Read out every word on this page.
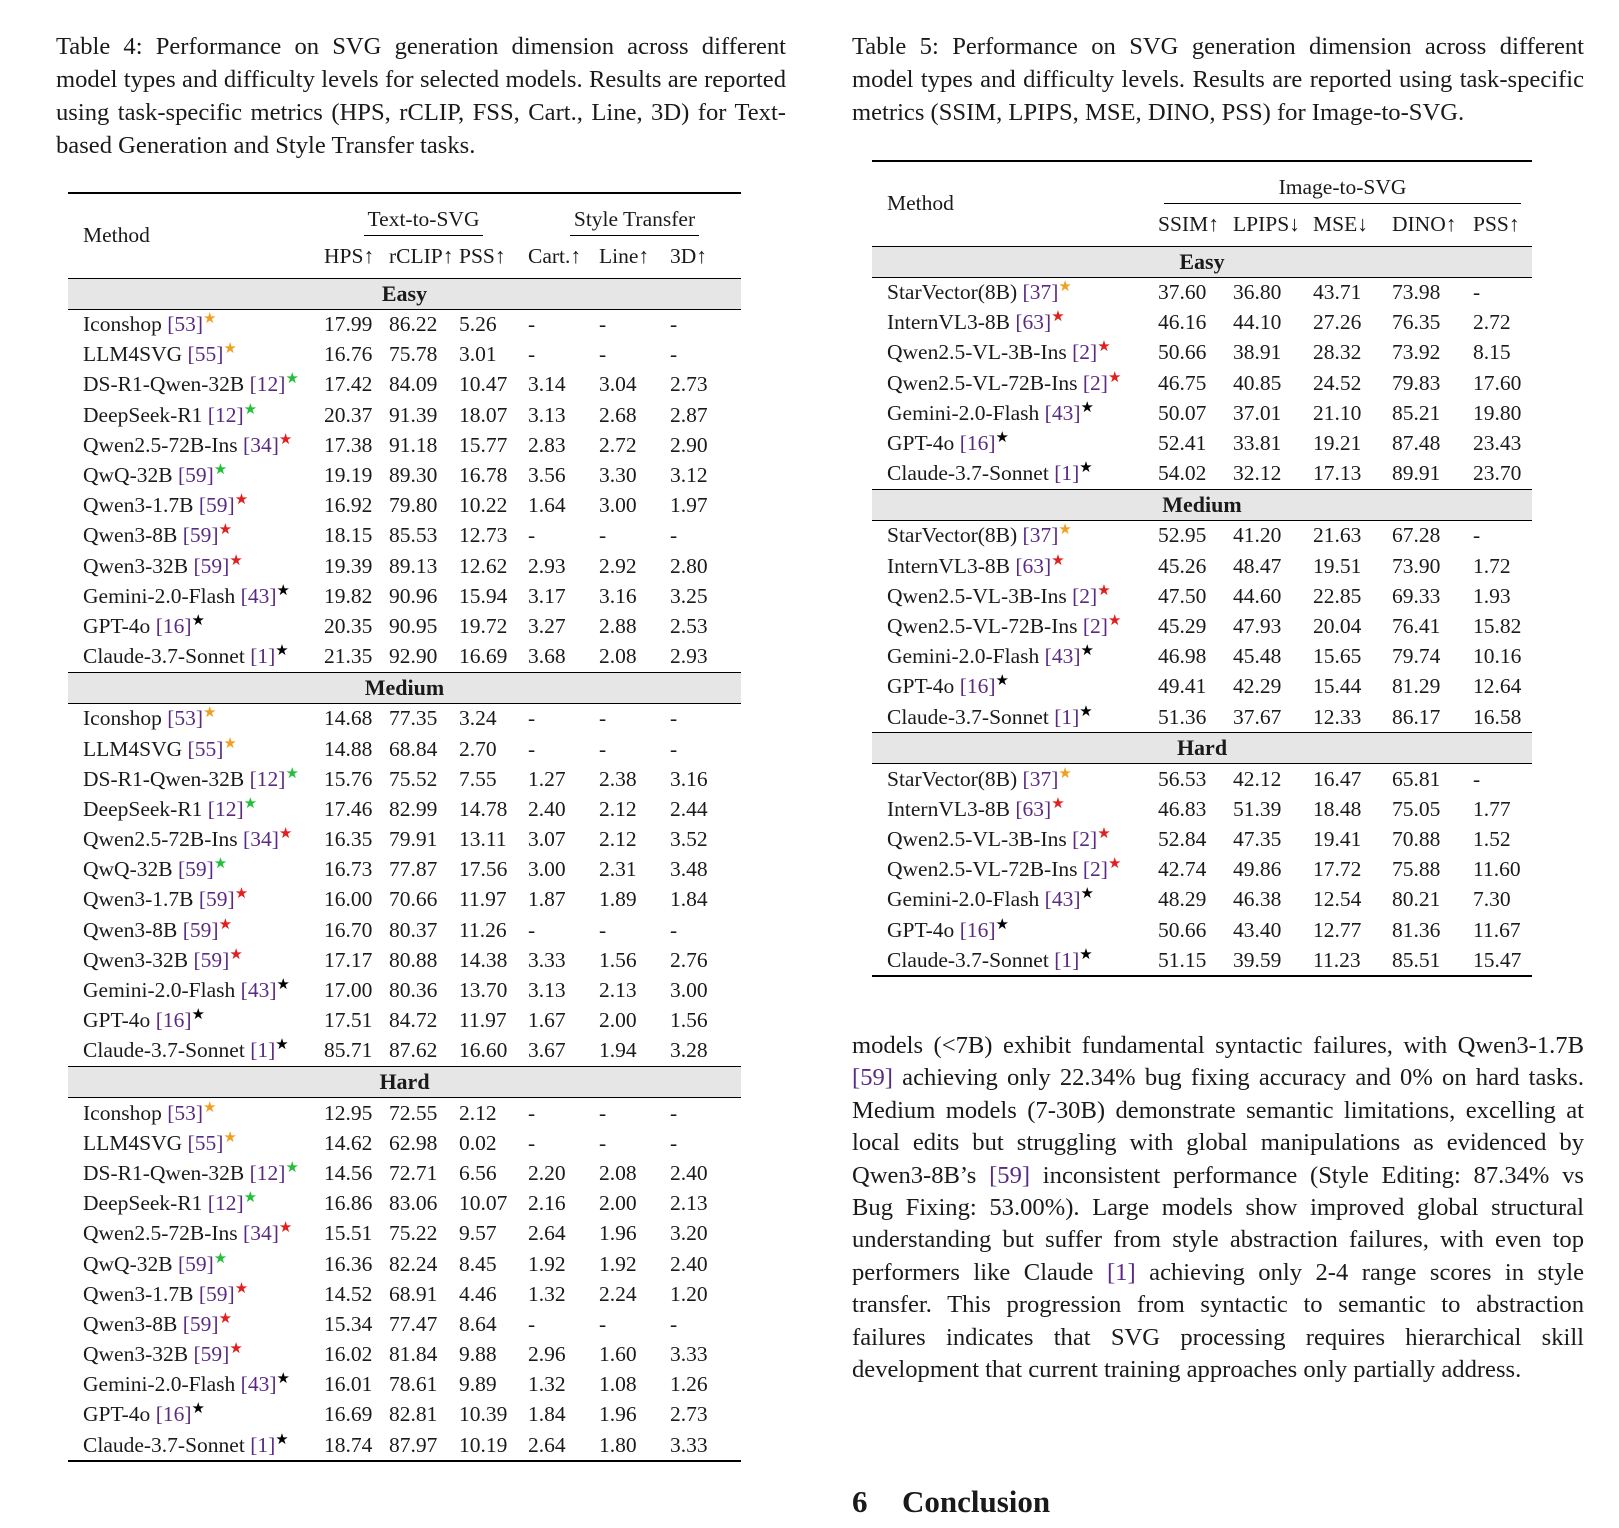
Table 4: Performance on SVG generation dimension across different model types and difficulty levels for selected models. Results are reported using task-specific metrics (HPS, rCLIP, FSS, Cart., Line, 3D) for Text-based Generation and Style Transfer tasks.
Method	Text-to-SVG			Style Transfer		
	HPS↑	rCLIP↑	PSS↑	Cart.↑	Line↑	3D↑
Easy						
Iconshop [53]★	17.99	86.22	5.26	-	-	-
LLM4SVG [55]★	16.76	75.78	3.01	-	-	-
DS-R1-Qwen-32B [12]★	17.42	84.09	10.47	3.14	3.04	2.73
DeepSeek-R1 [12]★	20.37	91.39	18.07	3.13	2.68	2.87
Qwen2.5-72B-Ins [34]★	17.38	91.18	15.77	2.83	2.72	2.90
QwQ-32B [59]★	19.19	89.30	16.78	3.56	3.30	3.12
Qwen3-1.7B [59]★	16.92	79.80	10.22	1.64	3.00	1.97
Qwen3-8B [59]★	18.15	85.53	12.73	-	-	-
Qwen3-32B [59]★	19.39	89.13	12.62	2.93	2.92	2.80
Gemini-2.0-Flash [43]★	19.82	90.96	15.94	3.17	3.16	3.25
GPT-4o [16]★	20.35	90.95	19.72	3.27	2.88	2.53
Claude-3.7-Sonnet [1]★	21.35	92.90	16.69	3.68	2.08	2.93
Medium						
Iconshop [53]★	14.68	77.35	3.24	-	-	-
LLM4SVG [55]★	14.88	68.84	2.70	-	-	-
DS-R1-Qwen-32B [12]★	15.76	75.52	7.55	1.27	2.38	3.16
DeepSeek-R1 [12]★	17.46	82.99	14.78	2.40	2.12	2.44
Qwen2.5-72B-Ins [34]★	16.35	79.91	13.11	3.07	2.12	3.52
QwQ-32B [59]★	16.73	77.87	17.56	3.00	2.31	3.48
Qwen3-1.7B [59]★	16.00	70.66	11.97	1.87	1.89	1.84
Qwen3-8B [59]★	16.70	80.37	11.26	-	-	-
Qwen3-32B [59]★	17.17	80.88	14.38	3.33	1.56	2.76
Gemini-2.0-Flash [43]★	17.00	80.36	13.70	3.13	2.13	3.00
GPT-4o [16]★	17.51	84.72	11.97	1.67	2.00	1.56
Claude-3.7-Sonnet [1]★	85.71	87.62	16.60	3.67	1.94	3.28
Hard						
Iconshop [53]★	12.95	72.55	2.12	-	-	-
LLM4SVG [55]★	14.62	62.98	0.02	-	-	-
DS-R1-Qwen-32B [12]★	14.56	72.71	6.56	2.20	2.08	2.40
DeepSeek-R1 [12]★	16.86	83.06	10.07	2.16	2.00	2.13
Qwen2.5-72B-Ins [34]★	15.51	75.22	9.57	2.64	1.96	3.20
QwQ-32B [59]★	16.36	82.24	8.45	1.92	1.92	2.40
Qwen3-1.7B [59]★	14.52	68.91	4.46	1.32	2.24	1.20
Qwen3-8B [59]★	15.34	77.47	8.64	-	-	-
Qwen3-32B [59]★	16.02	81.84	9.88	2.96	1.60	3.33
Gemini-2.0-Flash [43]★	16.01	78.61	9.89	1.32	1.08	1.26
GPT-4o [16]★	16.69	82.81	10.39	1.84	1.96	2.73
Claude-3.7-Sonnet [1]★	18.74	87.97	10.19	2.64	1.80	3.33
Table 5: Performance on SVG generation dimension across different model types and difficulty levels. Results are reported using task-specific metrics (SSIM, LPIPS, MSE, DINO, PSS) for Image-to-SVG.
Method	Image-to-SVG				
	SSIM↑	LPIPS↓	MSE↓	DINO↑	PSS↑
Easy					
StarVector(8B) [37]★	37.60	36.80	43.71	73.98	-
InternVL3-8B [63]★	46.16	44.10	27.26	76.35	2.72
Qwen2.5-VL-3B-Ins [2]★	50.66	38.91	28.32	73.92	8.15
Qwen2.5-VL-72B-Ins [2]★	46.75	40.85	24.52	79.83	17.60
Gemini-2.0-Flash [43]★	50.07	37.01	21.10	85.21	19.80
GPT-4o [16]★	52.41	33.81	19.21	87.48	23.43
Claude-3.7-Sonnet [1]★	54.02	32.12	17.13	89.91	23.70
Medium					
StarVector(8B) [37]★	52.95	41.20	21.63	67.28	-
InternVL3-8B [63]★	45.26	48.47	19.51	73.90	1.72
Qwen2.5-VL-3B-Ins [2]★	47.50	44.60	22.85	69.33	1.93
Qwen2.5-VL-72B-Ins [2]★	45.29	47.93	20.04	76.41	15.82
Gemini-2.0-Flash [43]★	46.98	45.48	15.65	79.74	10.16
GPT-4o [16]★	49.41	42.29	15.44	81.29	12.64
Claude-3.7-Sonnet [1]★	51.36	37.67	12.33	86.17	16.58
Hard					
StarVector(8B) [37]★	56.53	42.12	16.47	65.81	-
InternVL3-8B [63]★	46.83	51.39	18.48	75.05	1.77
Qwen2.5-VL-3B-Ins [2]★	52.84	47.35	19.41	70.88	1.52
Qwen2.5-VL-72B-Ins [2]★	42.74	49.86	17.72	75.88	11.60
Gemini-2.0-Flash [43]★	48.29	46.38	12.54	80.21	7.30
GPT-4o [16]★	50.66	43.40	12.77	81.36	11.67
Claude-3.7-Sonnet [1]★	51.15	39.59	11.23	85.51	15.47
models (<7B) exhibit fundamental syntactic failures, with Qwen3-1.7B [59] achieving only 22.34% bug fixing accuracy and 0% on hard tasks. Medium models (7-30B) demonstrate semantic limitations, excelling at local edits but struggling with global manipulations as evidenced by Qwen3-8B’s [59] inconsistent performance (Style Editing: 87.34% vs Bug Fixing: 53.00%). Large models show improved global structural understanding but suffer from style abstraction failures, with even top performers like Claude [1] achieving only 2-4 range scores in style transfer. This progression from syntactic to semantic to abstraction failures indicates that SVG processing requires hierarchical skill development that current training approaches only partially address.
6 Conclusion
